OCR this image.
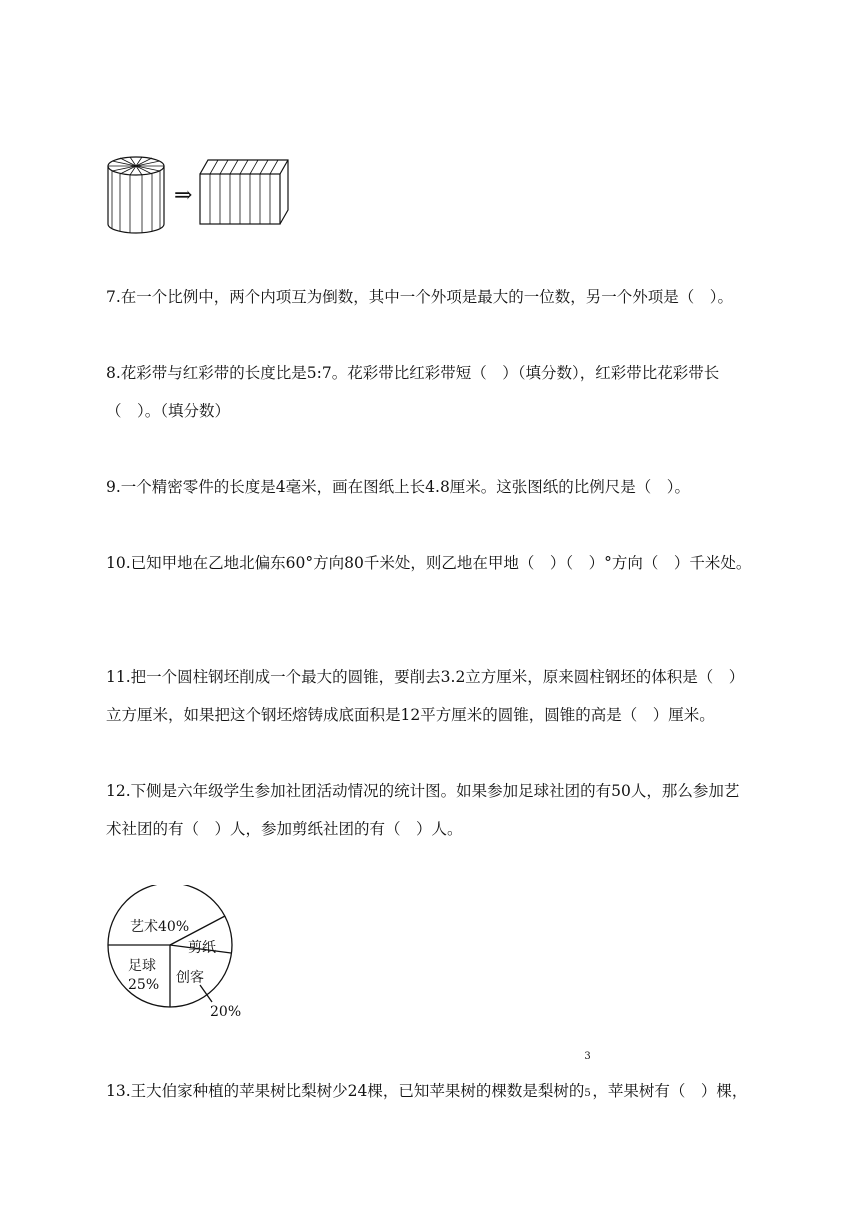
⇒
7.在一个比例中，两个内项互为倒数，其中一个外项是最大的一位数，另一个外项是（　）。
8.花彩带与红彩带的长度比是5:7。花彩带比红彩带短（　）（填分数），红彩带比花彩带长
（　）。（填分数）
9.一个精密零件的长度是4毫米，画在图纸上长4.8厘米。这张图纸的比例尺是（　）。
10.已知甲地在乙地北偏东60°方向80千米处，则乙地在甲地（　）（　）°方向（　）千米处。
11.把一个圆柱钢坯削成一个最大的圆锥，要削去3.2立方厘米，原来圆柱钢坯的体积是（　）
立方厘米，如果把这个钢坯熔铸成底面积是12平方厘米的圆锥，圆锥的高是（　）厘米。
12.下侧是六年级学生参加社团活动情况的统计图。如果参加足球社团的有50人，那么参加艺
术社团的有（　）人，参加剪纸社团的有（　）人。
艺术40%
剪纸
足球
25% 创客
20%
13.王大伯家种植的苹果树比梨树少24棵，已知苹果树的棵数是梨树的
3
5 ，苹果树有（　）棵，
